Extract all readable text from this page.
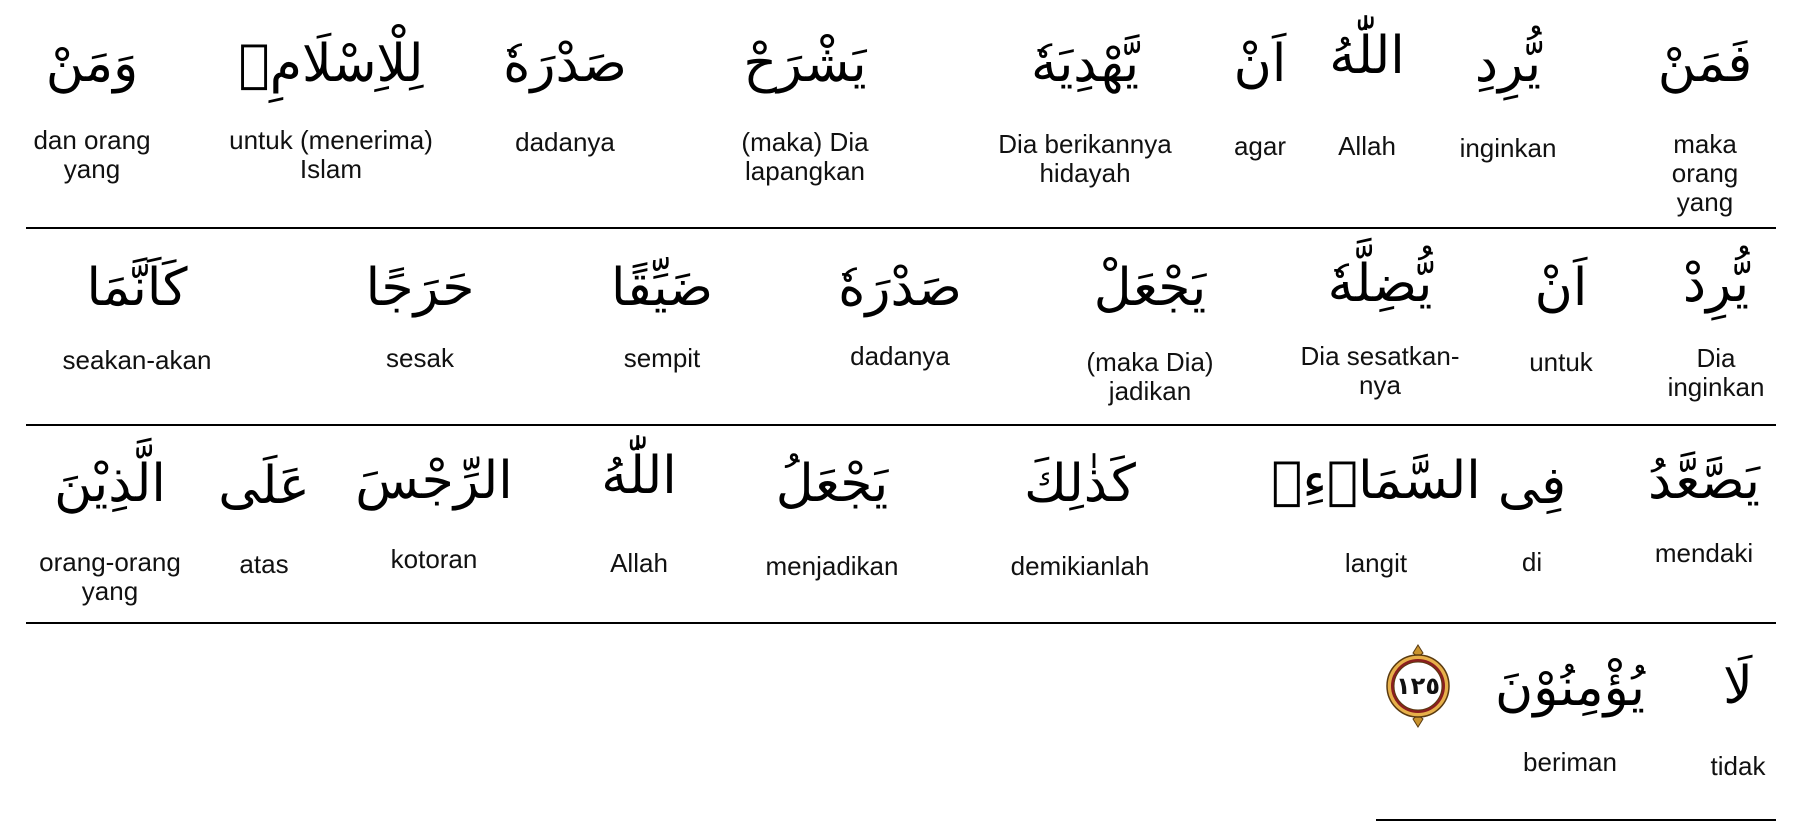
فَمَنْ
maka
orang yang
يُّرِدِ
inginkan
اللّٰهُ
Allah
اَنْ
agar
يَّهْدِيَهٗ
Dia berikannya
hidayah
يَشْرَحْ
(maka) Dia
lapangkan
صَدْرَهٗ
dadanya
لِلْاِسْلَامِۚ
untuk (menerima)
Islam
وَمَنْ
dan orang
yang
يُّرِدْ
Dia
inginkan
اَنْ
untuk
يُّضِلَّهٗ
Dia sesatkan-
nya
يَجْعَلْ
(maka Dia)
jadikan
صَدْرَهٗ
dadanya
ضَيِّقًا
sempit
حَرَجًا
sesak
كَاَنَّمَا
seakan-akan
يَصَّعَّدُ
mendaki
فِى
di
السَّمَاۤءِۗ
langit
كَذٰلِكَ
demikianlah
يَجْعَلُ
menjadikan
اللّٰهُ
Allah
الرِّجْسَ
kotoran
عَلَى
atas
الَّذِيْنَ
orang-orang
yang
لَا
tidak
يُؤْمِنُوْنَ
beriman
١٢٥
